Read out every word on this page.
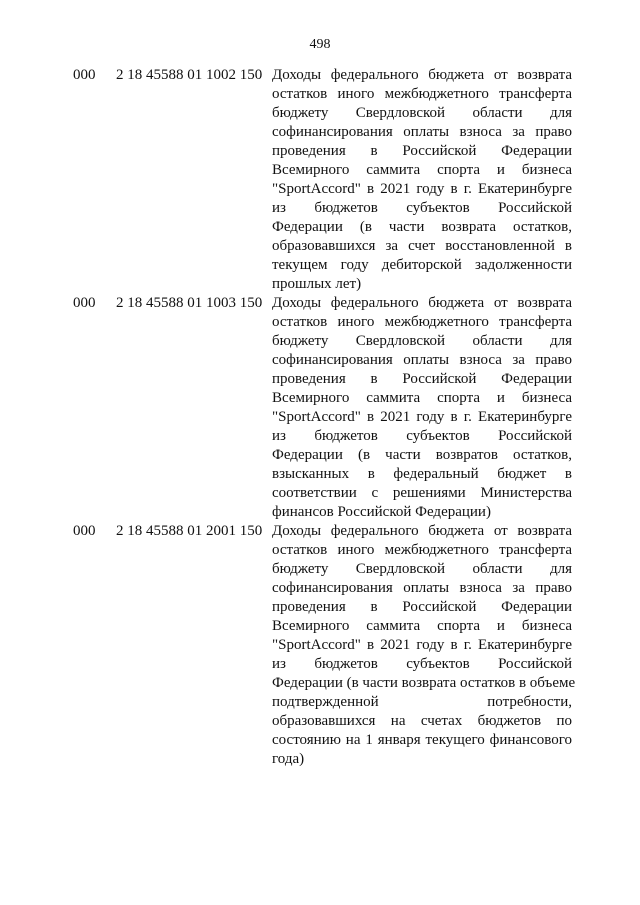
498
000 2 18 45588 01 1002 150 Доходы федерального бюджета от возврата
остатков иного межбюджетного трансферта
бюджету Свердловской области для
софинансирования оплаты взноса за право
проведения в Российской Федерации
Всемирного саммита спорта и бизнеса
"SportAccord" в 2021 году в г. Екатеринбурге
из бюджетов субъектов Российской
Федерации (в части возврата остатков,
образовавшихся за счет восстановленной в
текущем году дебиторской задолженности
прошлых лет)
000 2 18 45588 01 1003 150 Доходы федерального бюджета от возврата
остатков иного межбюджетного трансферта
бюджету Свердловской области для
софинансирования оплаты взноса за право
проведения в Российской Федерации
Всемирного саммита спорта и бизнеса
"SportAccord" в 2021 году в г. Екатеринбурге
из бюджетов субъектов Российской
Федерации (в части возвратов остатков,
взысканных в федеральный бюджет в
соответствии с решениями Министерства
финансов Российской Федерации)
000 2 18 45588 01 2001 150 Доходы федерального бюджета от возврата
остатков иного межбюджетного трансферта
бюджету Свердловской области для
софинансирования оплаты взноса за право
проведения в Российской Федерации
Всемирного саммита спорта и бизнеса
"SportAccord" в 2021 году в г. Екатеринбурге
из бюджетов субъектов Российской
Федерации (в части возврата остатков в объеме
подтвержденной потребности,
образовавшихся на счетах бюджетов по
состоянию на 1 января текущего финансового
года)
